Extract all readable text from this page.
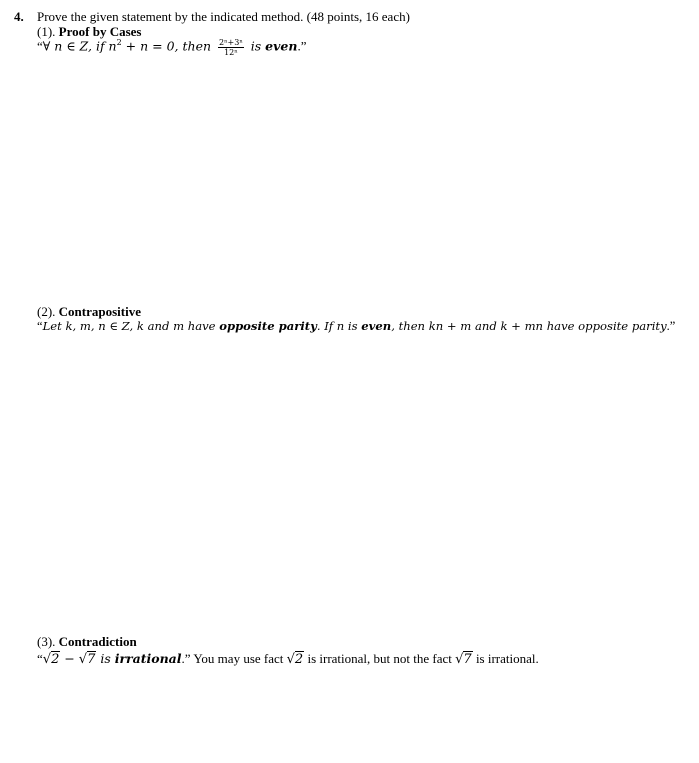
4. Prove the given statement by the indicated method. (48 points, 16 each)
(1). Proof by Cases
“∀ n ∈ Z, if $n^2 + n = 0$, then $\frac{\text{2ⁿ+3ⁿ}}{\text{12ⁿ}}$ is even.”
(2). Contrapositive
“Let k, m, n ∈ Z, k and m have opposite parity. If n is even, then kn + m and k + mn have opposite parity.”
(3). Contradiction
“√2 − √7 is irrational.” You may use fact √2 is irrational, but not the fact √7 is irrational.
